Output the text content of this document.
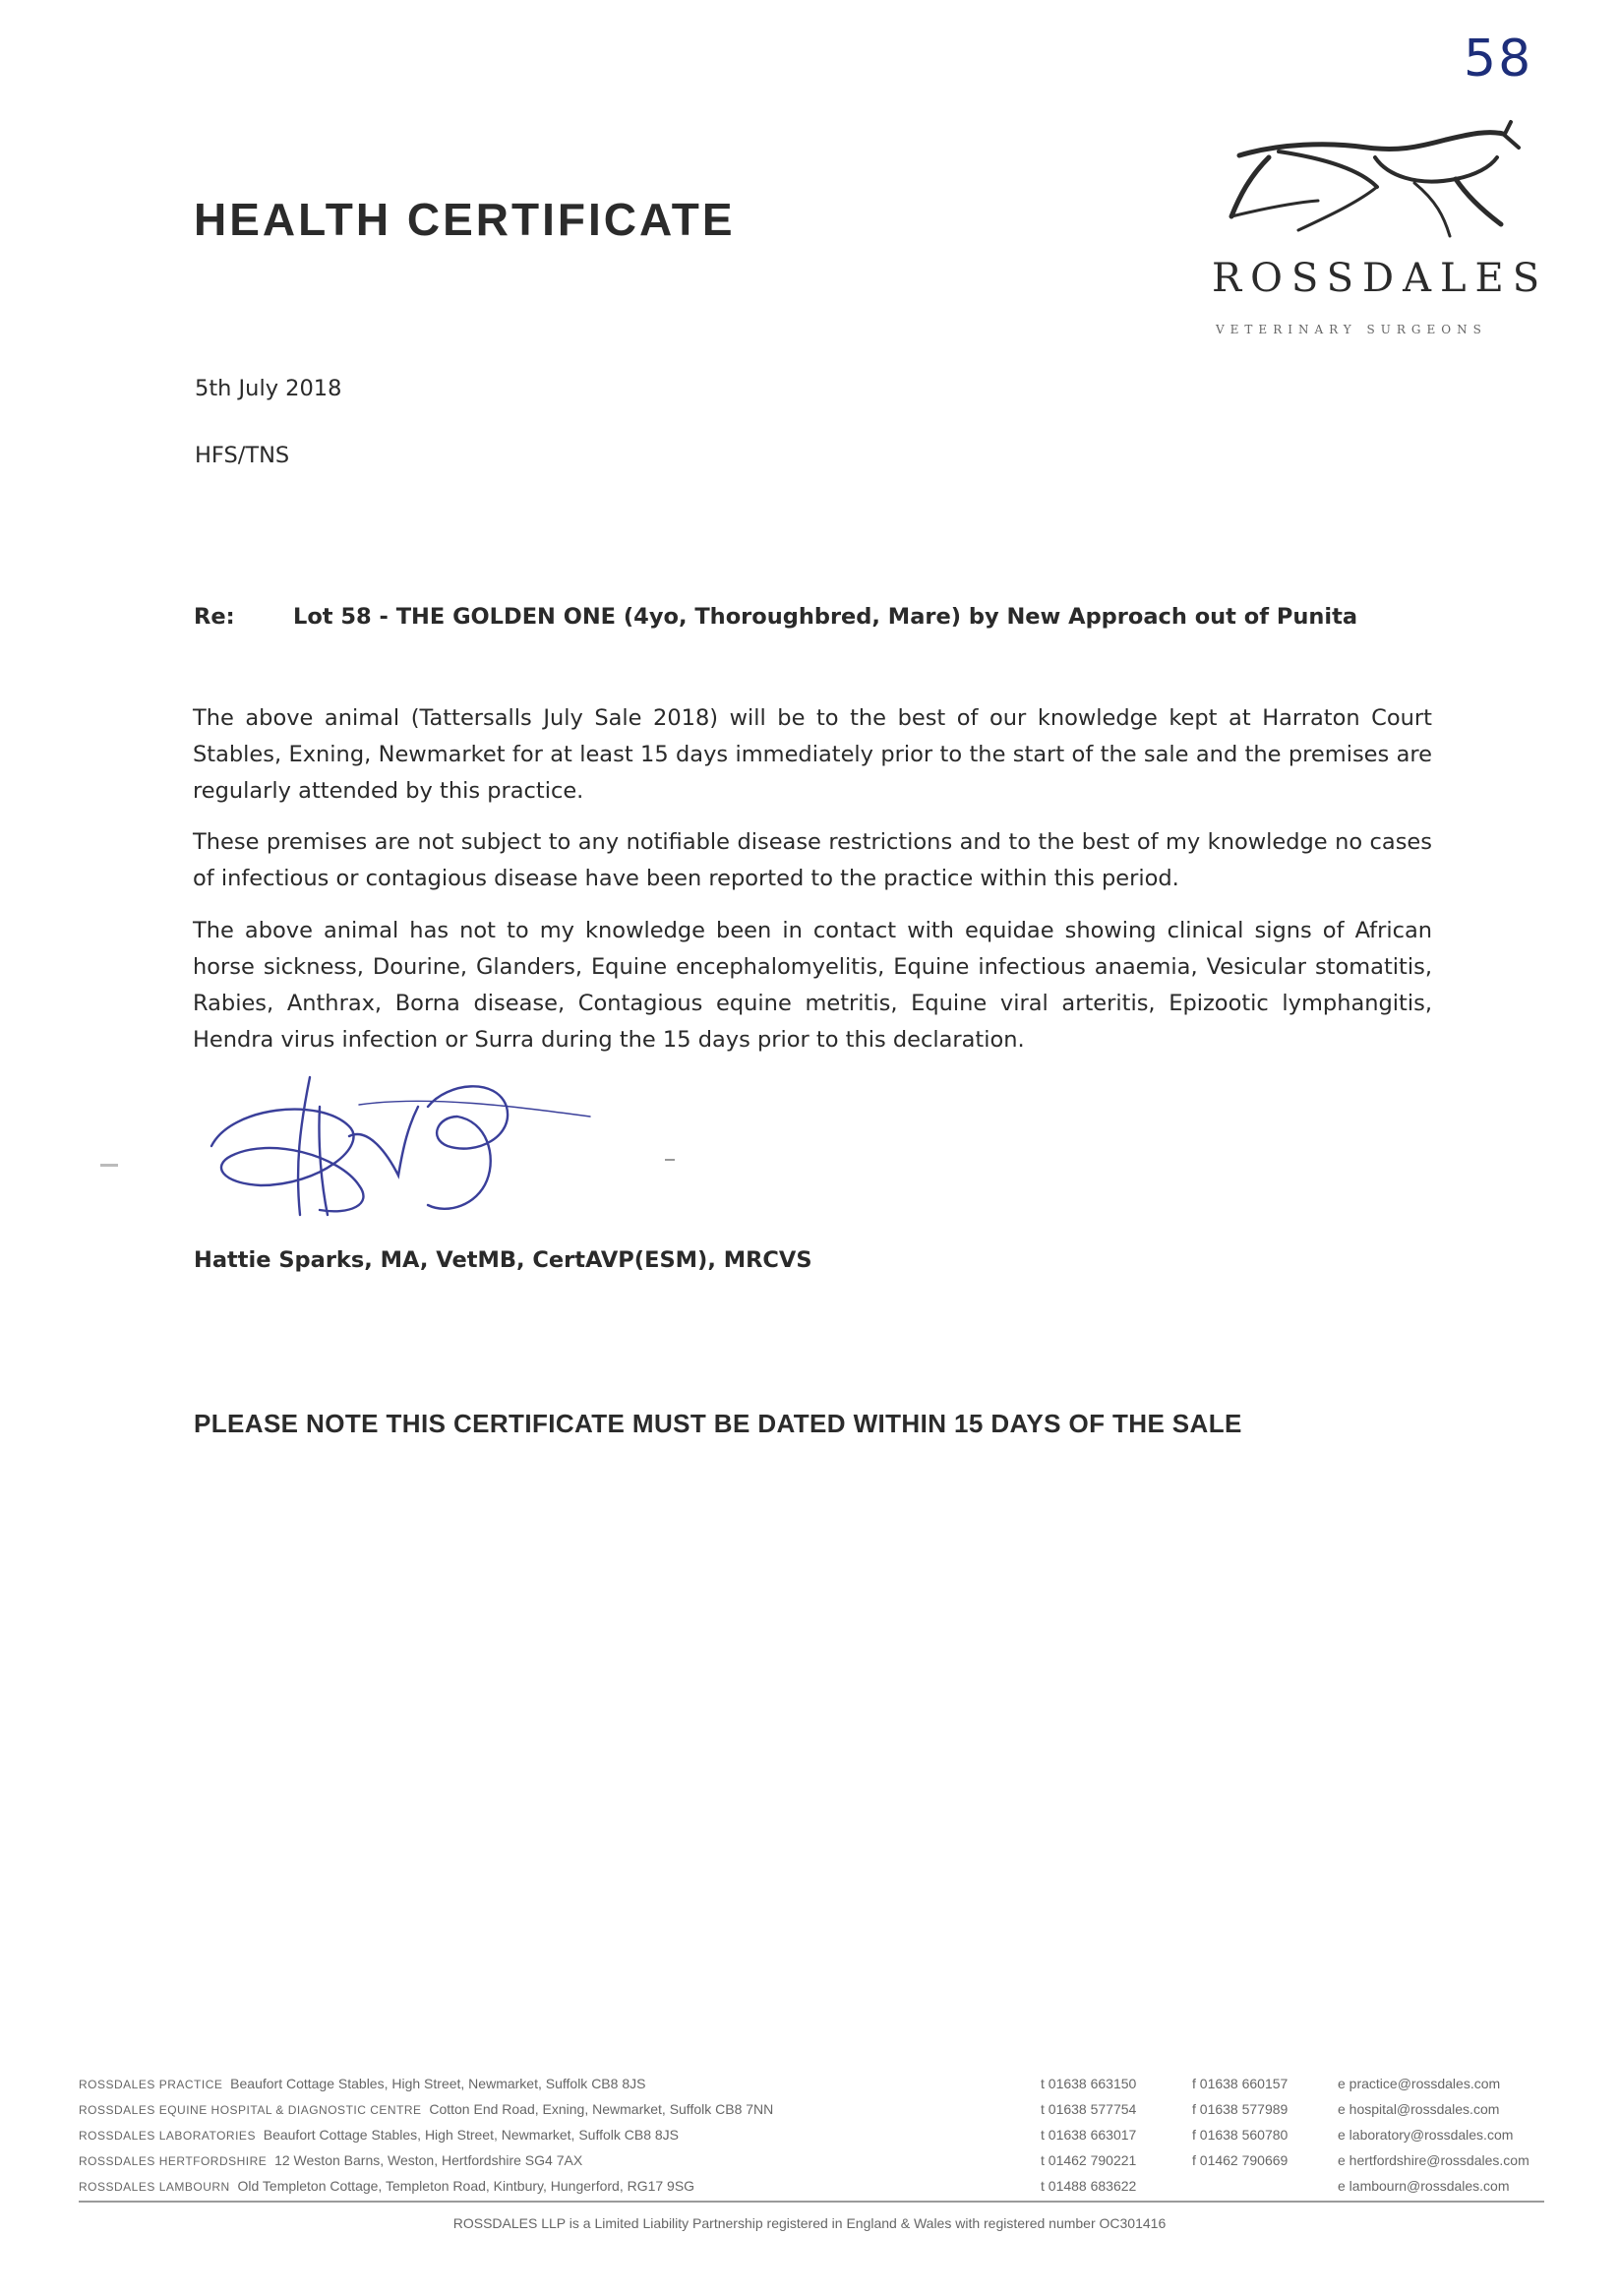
58
HEALTH CERTIFICATE
ROSSDALES
VETERINARY SURGEONS
5th July 2018
HFS/TNS
Re:	Lot 58 - THE GOLDEN ONE (4yo, Thoroughbred, Mare) by New Approach out of Punita

The above animal (Tattersalls July Sale 2018) will be to the best of our knowledge kept at Harraton Court Stables, Exning, Newmarket for at least 15 days immediately prior to the start of the sale and the premises are regularly attended by this practice.

These premises are not subject to any notifiable disease restrictions and to the best of my knowledge no cases of infectious or contagious disease have been reported to the practice within this period.

The above animal has not to my knowledge been in contact with equidae showing clinical signs of African horse sickness, Dourine, Glanders, Equine encephalomyelitis, Equine infectious anaemia, Vesicular stomatitis, Rabies, Anthrax, Borna disease, Contagious equine metritis, Equine viral arteritis, Epizootic lymphangitis, Hendra virus infection or Surra during the 15 days prior to this declaration.

Hattie Sparks, MA, VetMB, CertAVP(ESM), MRCVS
PLEASE NOTE THIS CERTIFICATE MUST BE DATED WITHIN 15 DAYS OF THE SALE
ROSSDALES PRACTICE Beaufort Cottage Stables, High Street, Newmarket, Suffolk CB8 8JS
ROSSDALES EQUINE HOSPITAL & DIAGNOSTIC CENTRE Cotton End Road, Exning, Newmarket, Suffolk CB8 7NN
ROSSDALES LABORATORIES Beaufort Cottage Stables, High Street, Newmarket, Suffolk CB8 8JS
ROSSDALES HERTFORDSHIRE 12 Weston Barns, Weston, Hertfordshire SG4 7AX
ROSSDALES LAMBOURN Old Templeton Cottage, Templeton Road, Kintbury, Hungerford, RG17 9SG
t 01638 663150
t 01638 577754
t 01638 663017
t 01462 790221
t 01488 683622
f 01638 660157
f 01638 577989
f 01638 560780
f 01462 790669
e practice@rossdales.com
e hospital@rossdales.com
e laboratory@rossdales.com
e hertfordshire@rossdales.com
e lambourn@rossdales.com
ROSSDALES LLP is a Limited Liability Partnership registered in England & Wales with registered number OC301416
